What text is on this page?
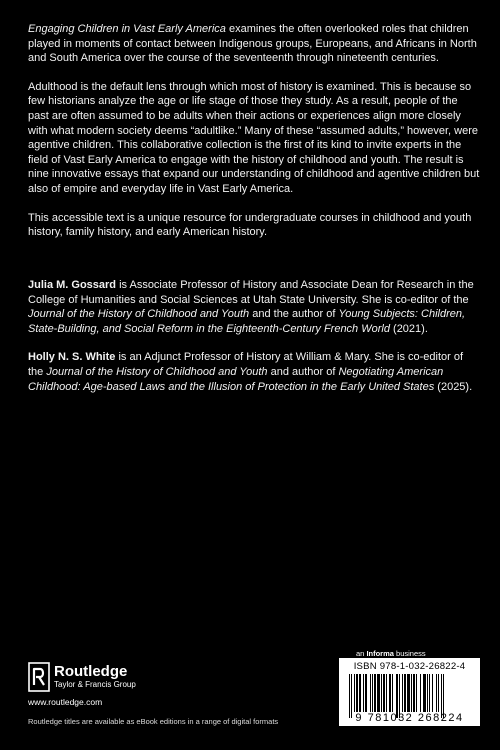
Engaging Children in Vast Early America examines the often overlooked roles that children played in moments of contact between Indigenous groups, Europeans, and Africans in North and South America over the course of the seventeenth through nineteenth centuries.

Adulthood is the default lens through which most of history is examined. This is because so few historians analyze the age or life stage of those they study. As a result, people of the past are often assumed to be adults when their actions or experiences align more closely with what modern society deems “adultlike.” Many of these “assumed adults,” however, were agentive children. This collaborative collection is the first of its kind to invite experts in the field of Vast Early America to engage with the history of childhood and youth. The result is nine innovative essays that expand our understanding of childhood and agentive children but also of empire and everyday life in Vast Early America.

This accessible text is a unique resource for undergraduate courses in childhood and youth history, family history, and early American history.

Julia M. Gossard is Associate Professor of History and Associate Dean for Research in the College of Humanities and Social Sciences at Utah State University. She is co-editor of the Journal of the History of Childhood and Youth and the author of Young Subjects: Children, State-Building, and Social Reform in the Eighteenth-Century French World (2021).

Holly N. S. White is an Adjunct Professor of History at William & Mary. She is co-editor of the Journal of the History of Childhood and Youth and author of Negotiating American Childhood: Age-based Laws and the Illusion of Protection in the Early United States (2025).

an Informa business
ISBN 978-1-032-26822-4
9 781032 268224
Routledge
Taylor & Francis Group
www.routledge.com
Routledge titles are available as eBook editions in a range of digital formats
